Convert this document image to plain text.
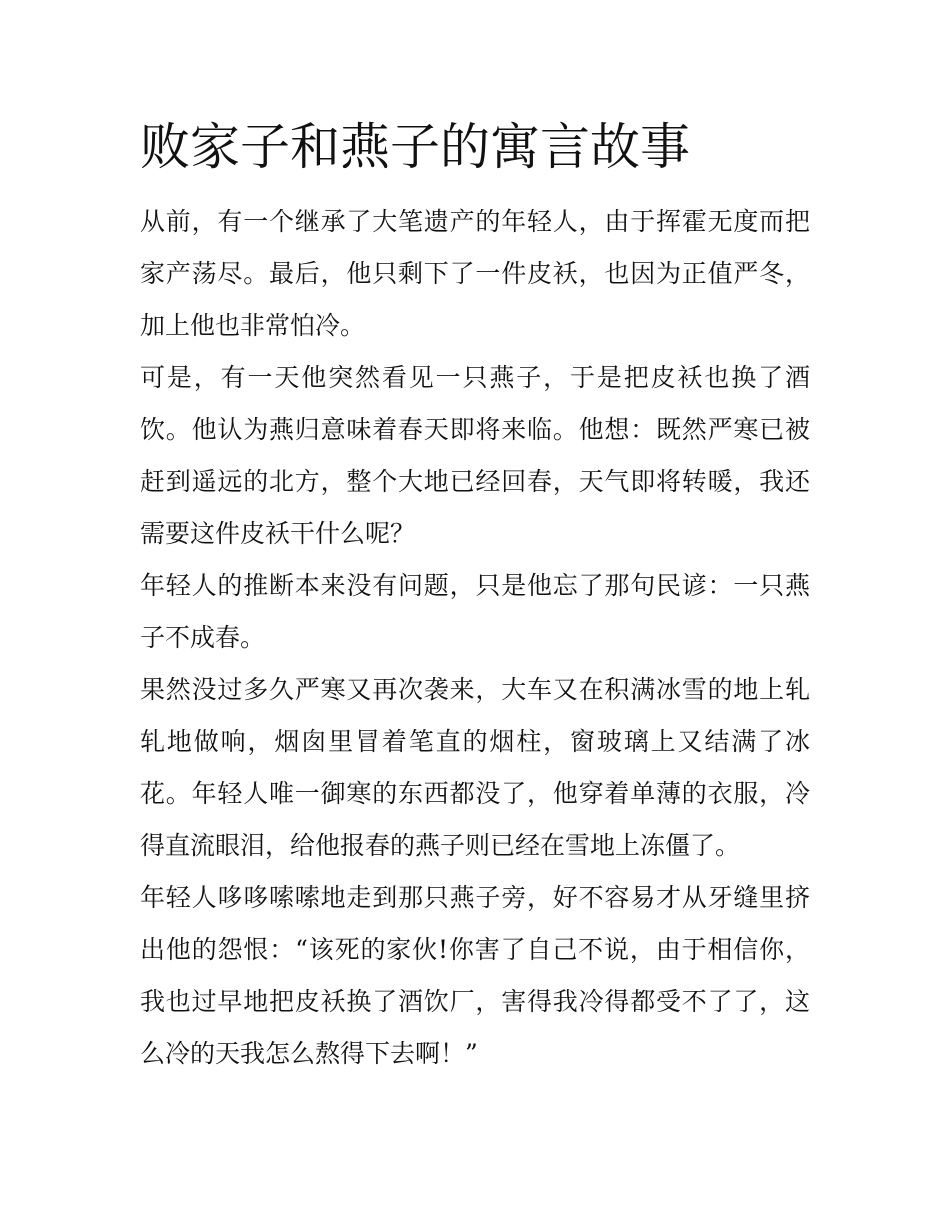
败家子和燕子的寓言故事

从前，有一个继承了大笔遗产的年轻人，由于挥霍无度而把家产荡尽。最后，他只剩下了一件皮袄，也因为正值严冬，加上他也非常怕冷。

可是，有一天他突然看见一只燕子，于是把皮袄也换了酒饮。他认为燕归意味着春天即将来临。他想：既然严寒已被赶到遥远的北方，整个大地已经回春，天气即将转暖，我还需要这件皮袄干什么呢？

年轻人的推断本来没有问题，只是他忘了那句民谚：一只燕子不成春。

果然没过多久严寒又再次袭来，大车又在积满冰雪的地上轧轧地做响，烟囱里冒着笔直的烟柱，窗玻璃上又结满了冰花。年轻人唯一御寒的东西都没了，他穿着单薄的衣服，冷得直流眼泪，给他报春的燕子则已经在雪地上冻僵了。

年轻人哆哆嗦嗦地走到那只燕子旁，好不容易才从牙缝里挤出他的怨恨：“该死的家伙!你害了自己不说，由于相信你，我也过早地把皮袄换了酒饮厂，害得我冷得都受不了了，这么冷的天我怎么熬得下去啊！”
